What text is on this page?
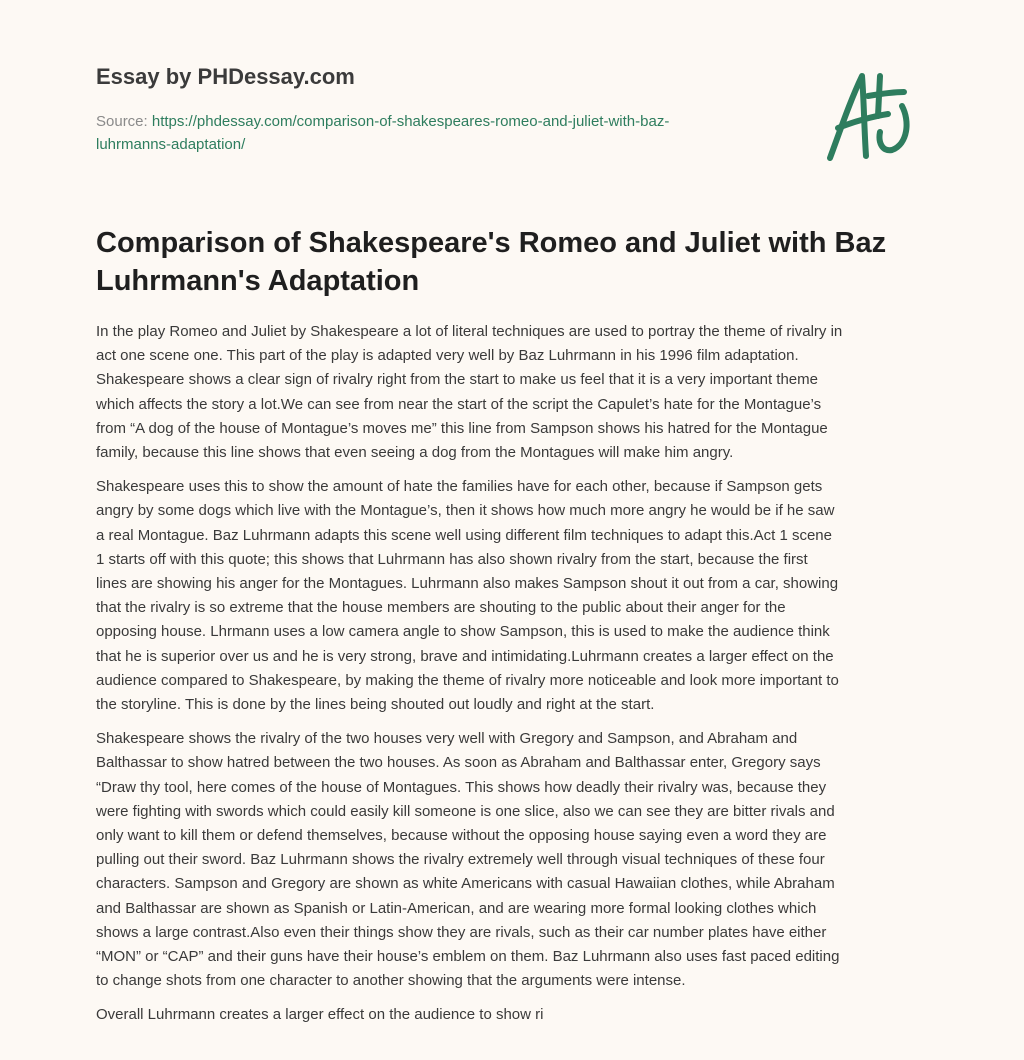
Essay by PHDessay.com
Source: https://phdessay.com/comparison-of-shakespeares-romeo-and-juliet-with-baz-
luhrmanns-adaptation/
Comparison of Shakespeare's Romeo and Juliet with Baz
Luhrmann's Adaptation

In the play Romeo and Juliet by Shakespeare a lot of literal techniques are used to portray the theme of rivalry in
act one scene one. This part of the play is adapted very well by Baz Luhrmann in his 1996 film adaptation.
Shakespeare shows a clear sign of rivalry right from the start to make us feel that it is a very important theme
which affects the story a lot.We can see from near the start of the script the Capulet’s hate for the Montague’s
from “A dog of the house of Montague’s moves me” this line from Sampson shows his hatred for the Montague
family, because this line shows that even seeing a dog from the Montagues will make him angry.

Shakespeare uses this to show the amount of hate the families have for each other, because if Sampson gets
angry by some dogs which live with the Montague’s, then it shows how much more angry he would be if he saw
a real Montague. Baz Luhrmann adapts this scene well using different film techniques to adapt this.Act 1 scene
1 starts off with this quote; this shows that Luhrmann has also shown rivalry from the start, because the first
lines are showing his anger for the Montagues. Luhrmann also makes Sampson shout it out from a car, showing
that the rivalry is so extreme that the house members are shouting to the public about their anger for the
opposing house. Lhrmann uses a low camera angle to show Sampson, this is used to make the audience think
that he is superior over us and he is very strong, brave and intimidating.Luhrmann creates a larger effect on the
audience compared to Shakespeare, by making the theme of rivalry more noticeable and look more important to
the storyline. This is done by the lines being shouted out loudly and right at the start.

Shakespeare shows the rivalry of the two houses very well with Gregory and Sampson, and Abraham and
Balthassar to show hatred between the two houses. As soon as Abraham and Balthassar enter, Gregory says
“Draw thy tool, here comes of the house of Montagues. This shows how deadly their rivalry was, because they
were fighting with swords which could easily kill someone is one slice, also we can see they are bitter rivals and
only want to kill them or defend themselves, because without the opposing house saying even a word they are
pulling out their sword. Baz Luhrmann shows the rivalry extremely well through visual techniques of these four
characters. Sampson and Gregory are shown as white Americans with casual Hawaiian clothes, while Abraham
and Balthassar are shown as Spanish or Latin-American, and are wearing more formal looking clothes which
shows a large contrast.Also even their things show they are rivals, such as their car number plates have either
“MON” or “CAP” and their guns have their house’s emblem on them. Baz Luhrmann also uses fast paced editing
to change shots from one character to another showing that the arguments were intense.

Overall Luhrmann creates a larger effect on the audience to show ri
